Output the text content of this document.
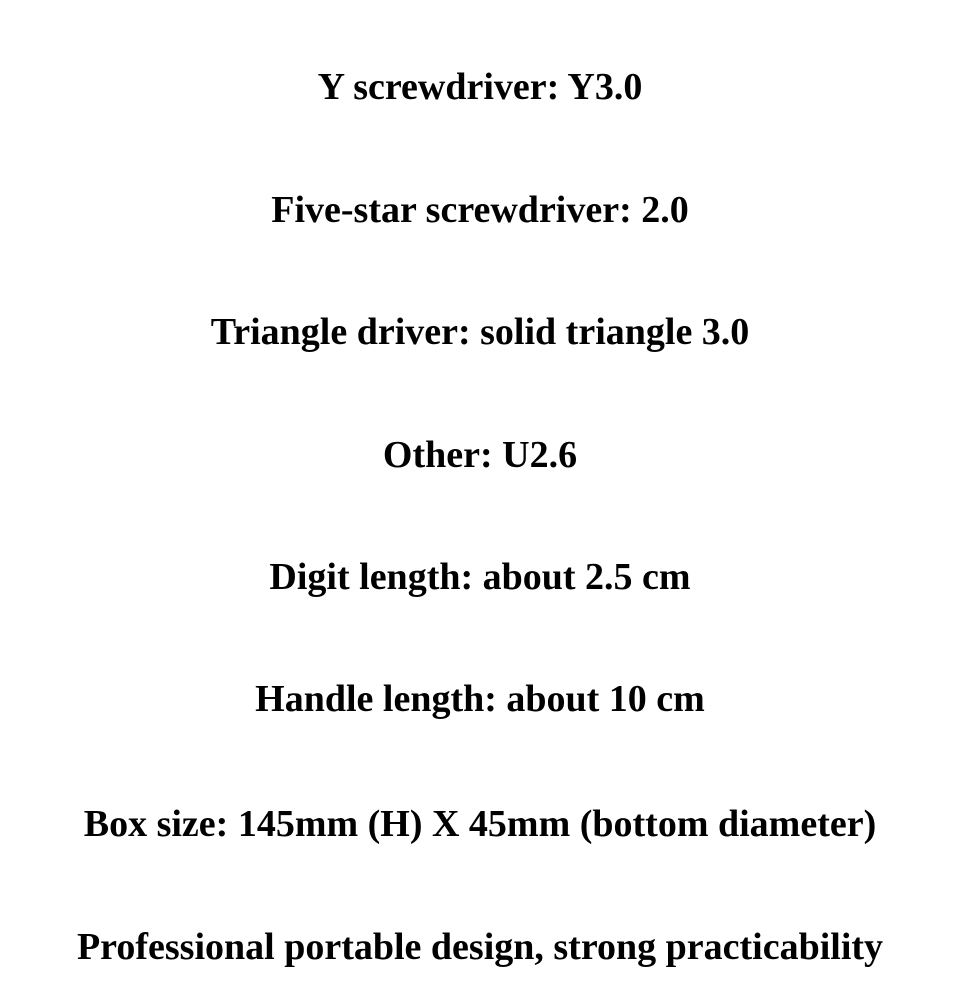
Y screwdriver: Y3.0
Five-star screwdriver: 2.0
Triangle driver: solid triangle 3.0
Other: U2.6
Digit length: about 2.5 cm
Handle length: about 10 cm
Box size: 145mm (H) X 45mm (bottom diameter)
Professional portable design, strong practicability
